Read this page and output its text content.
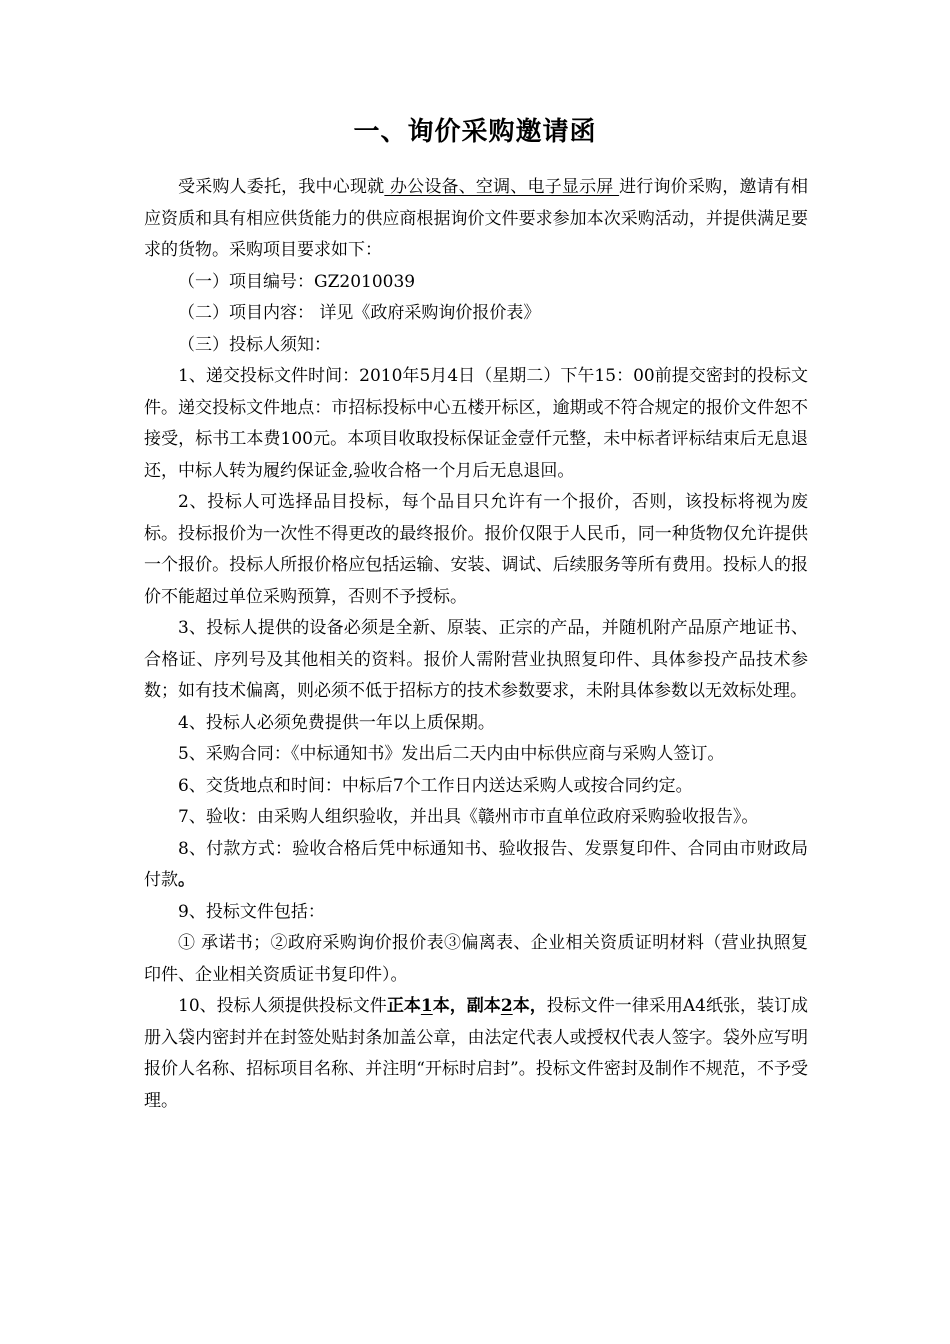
一、询价采购邀请函

受采购人委托，我中心现就 办公设备、空调、电子显示屏 进行询价采购，邀请有相应资质和具有相应供货能力的供应商根据询价文件要求参加本次采购活动，并提供满足要求的货物。采购项目要求如下：

（一）项目编号：GZ2010039

（二）项目内容： 详见《政府采购询价报价表》

（三）投标人须知：

1、递交投标文件时间：2010年5月4日（星期二）下午15：00前提交密封的投标文件。递交投标文件地点：市招标投标中心五楼开标区，逾期或不符合规定的报价文件恕不接受，标书工本费100元。本项目收取投标保证金壹仟元整，未中标者评标结束后无息退还，中标人转为履约保证金,验收合格一个月后无息退回。

2、投标人可选择品目投标，每个品目只允许有一个报价，否则，该投标将视为废标。投标报价为一次性不得更改的最终报价。报价仅限于人民币，同一种货物仅允许提供一个报价。投标人所报价格应包括运输、安装、调试、后续服务等所有费用。投标人的报价不能超过单位采购预算，否则不予授标。

3、投标人提供的设备必须是全新、原装、正宗的产品，并随机附产品原产地证书、合格证、序列号及其他相关的资料。报价人需附营业执照复印件、具体参投产品技术参数；如有技术偏离，则必须不低于招标方的技术参数要求，未附具体参数以无效标处理。

4、投标人必须免费提供一年以上质保期。

5、采购合同：《中标通知书》发出后二天内由中标供应商与采购人签订。

6、交货地点和时间：中标后7个工作日内送达采购人或按合同约定。

7、验收：由采购人组织验收，并出具《赣州市市直单位政府采购验收报告》。

8、付款方式：验收合格后凭中标通知书、验收报告、发票复印件、合同由市财政局付款。

9、投标文件包括：

① 承诺书；②政府采购询价报价表③偏离表、企业相关资质证明材料（营业执照复印件、企业相关资质证书复印件）。

10、投标人须提供投标文件正本1本，副本2本，投标文件一律采用A4纸张，装订成册入袋内密封并在封签处贴封条加盖公章，由法定代表人或授权代表人签字。袋外应写明报价人名称、招标项目名称、并注明“开标时启封”。投标文件密封及制作不规范，不予受理。
